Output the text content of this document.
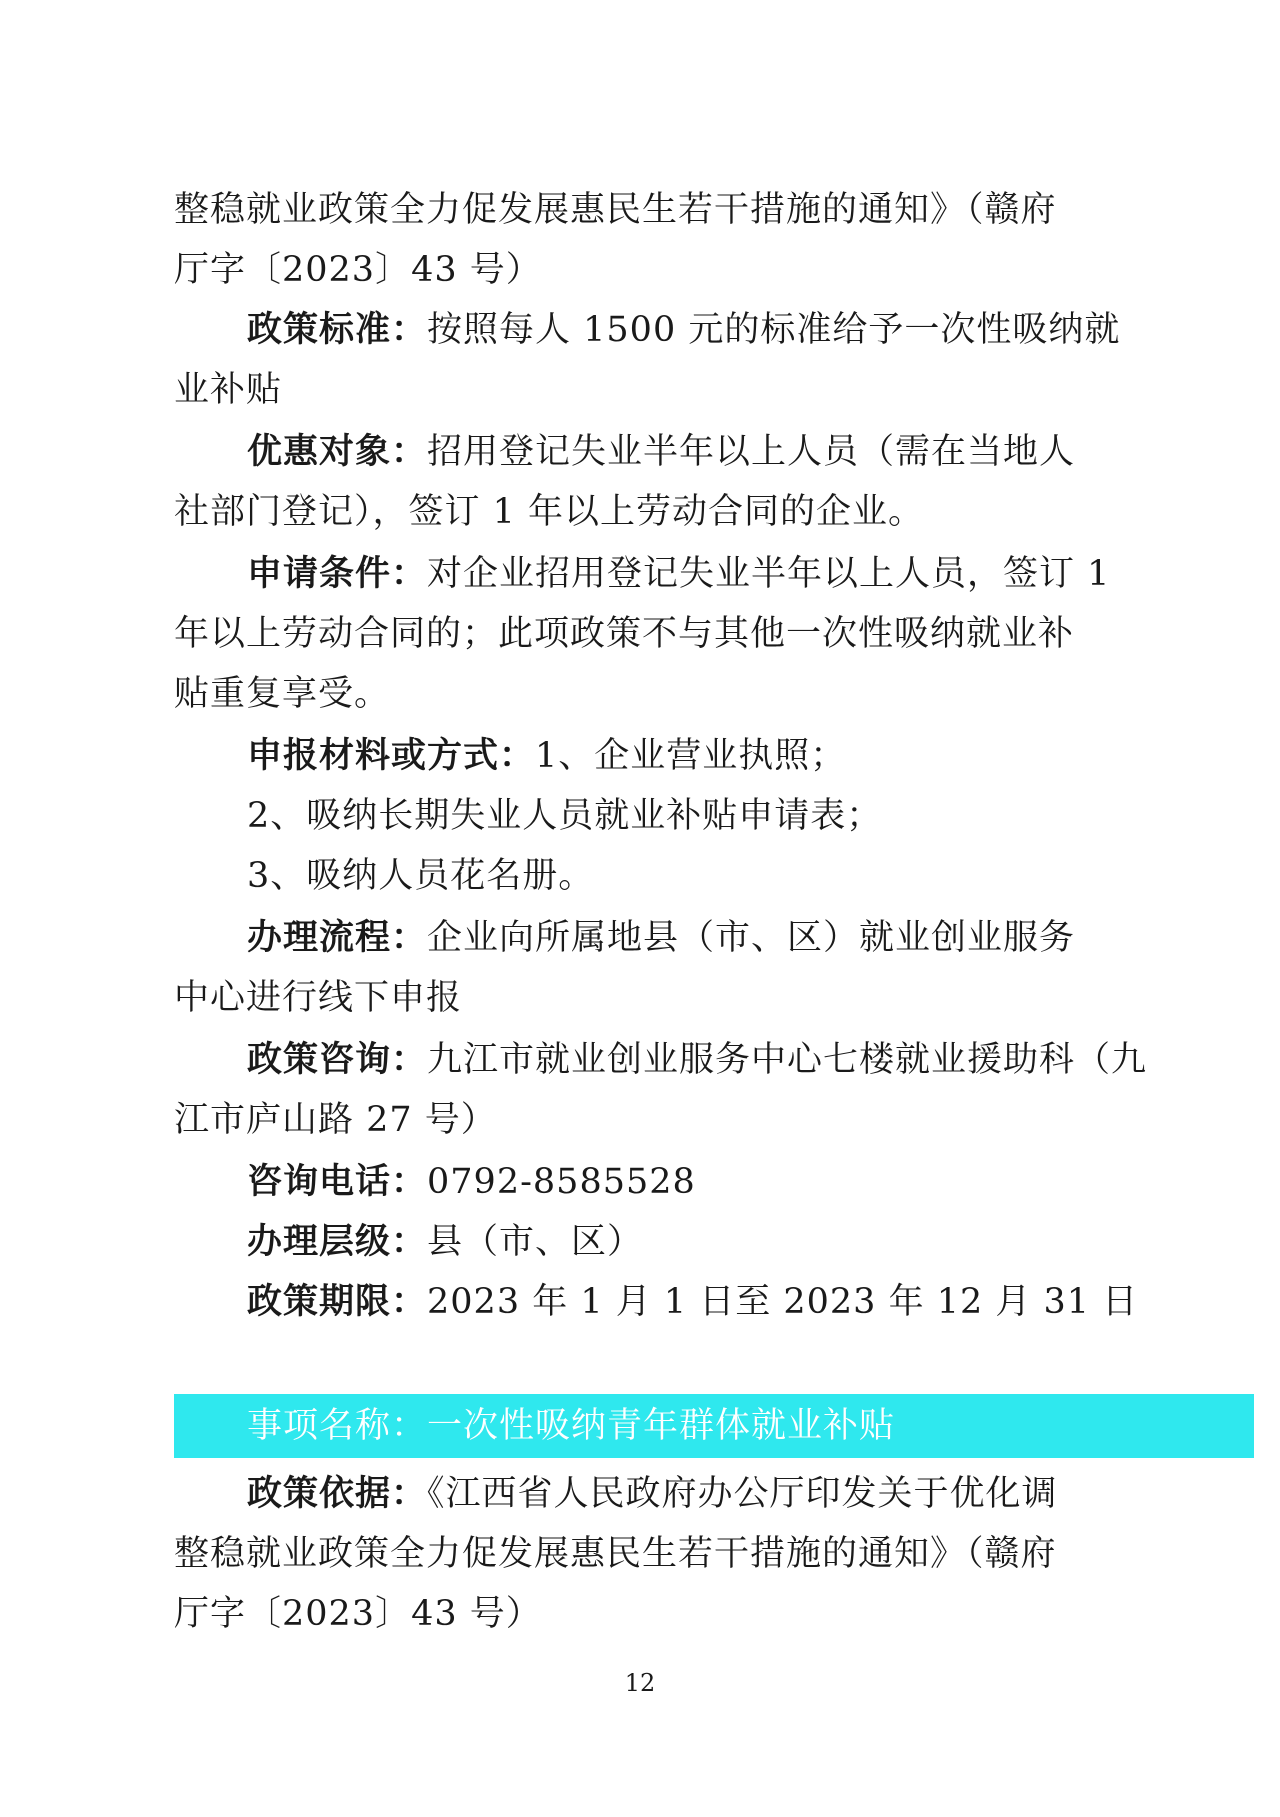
整稳就业政策全力促发展惠民生若干措施的通知》（赣府
厅字〔2023〕43 号）
政策标准：按照每人 1500 元的标准给予一次性吸纳就
业补贴
优惠对象：招用登记失业半年以上人员（需在当地人
社部门登记），签订 1 年以上劳动合同的企业。
申请条件：对企业招用登记失业半年以上人员，签订 1
年以上劳动合同的；此项政策不与其他一次性吸纳就业补
贴重复享受。
申报材料或方式：1、企业营业执照；
2、吸纳长期失业人员就业补贴申请表；
3、吸纳人员花名册。
办理流程：企业向所属地县（市、区）就业创业服务
中心进行线下申报
政策咨询：九江市就业创业服务中心七楼就业援助科（九
江市庐山路 27 号）
咨询电话：0792-8585528
办理层级：县（市、区）
政策期限：2023 年 1 月 1 日至 2023 年 12 月 31 日
事项名称：一次性吸纳青年群体就业补贴
政策依据：《江西省人民政府办公厅印发关于优化调
整稳就业政策全力促发展惠民生若干措施的通知》（赣府
厅字〔2023〕43 号）
12
